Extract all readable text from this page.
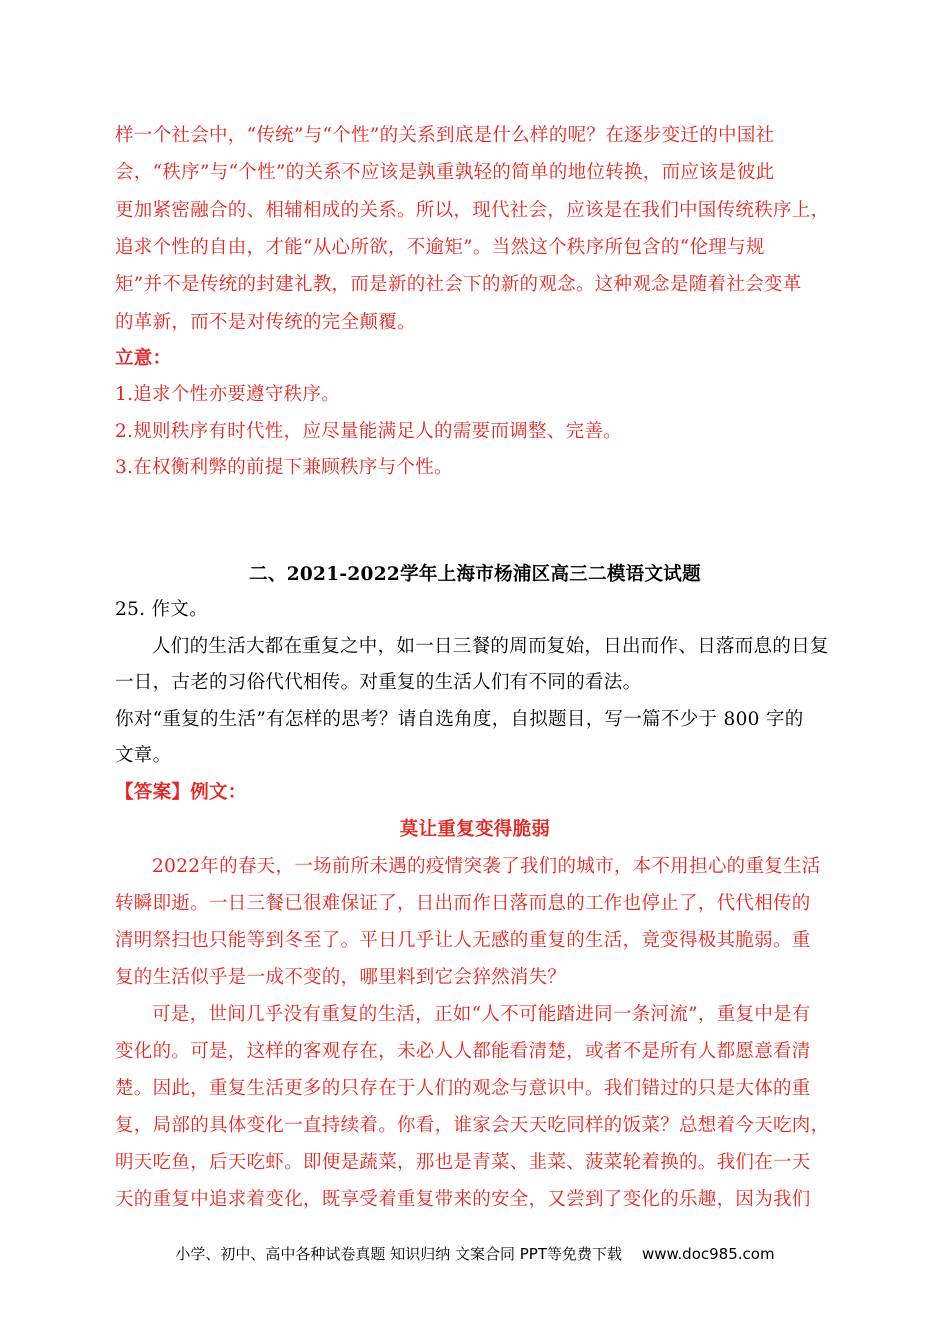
样一个社会中，“传统”与“个性”的关系到底是什么样的呢？在逐步变迁的中国社
会，“秩序”与“个性”的关系不应该是孰重孰轻的简单的地位转换，而应该是彼此
更加紧密融合的、相辅相成的关系。所以，现代社会，应该是在我们中国传统秩序上，
追求个性的自由，才能“从心所欲，不逾矩”。当然这个秩序所包含的“伦理与规
矩”并不是传统的封建礼教，而是新的社会下的新的观念。这种观念是随着社会变革
的革新，而不是对传统的完全颠覆。
立意：
1.追求个性亦要遵守秩序。
2.规则秩序有时代性，应尽量能满足人的需要而调整、完善。
3.在权衡利弊的前提下兼顾秩序与个性。
二、2021-2022学年上海市杨浦区高三二模语文试题
25. 作文。
人们的生活大都在重复之中，如一日三餐的周而复始，日出而作、日落而息的日复
一日，古老的习俗代代相传。对重复的生活人们有不同的看法。
你对“重复的生活”有怎样的思考？请自选角度，自拟题目，写一篇不少于 800 字的
文章。
【答案】例文：
莫让重复变得脆弱
2022年的春天，一场前所未遇的疫情突袭了我们的城市，本不用担心的重复生活
转瞬即逝。一日三餐已很难保证了，日出而作日落而息的工作也停止了，代代相传的
清明祭扫也只能等到冬至了。平日几乎让人无感的重复的生活，竟变得极其脆弱。重
复的生活似乎是一成不变的，哪里料到它会猝然消失？
可是，世间几乎没有重复的生活，正如“人不可能踏进同一条河流”，重复中是有
变化的。可是，这样的客观存在，未必人人都能看清楚，或者不是所有人都愿意看清
楚。因此，重复生活更多的只存在于人们的观念与意识中。我们错过的只是大体的重
复，局部的具体变化一直持续着。你看，谁家会天天吃同样的饭菜？总想着今天吃肉，
明天吃鱼，后天吃虾。即便是蔬菜，那也是青菜、韭菜、菠菜轮着换的。我们在一天
天的重复中追求着变化，既享受着重复带来的安全，又尝到了变化的乐趣，因为我们
小学、初中、高中各种试卷真题 知识归纳 文案合同 PPT等免费下载 www.doc985.com
